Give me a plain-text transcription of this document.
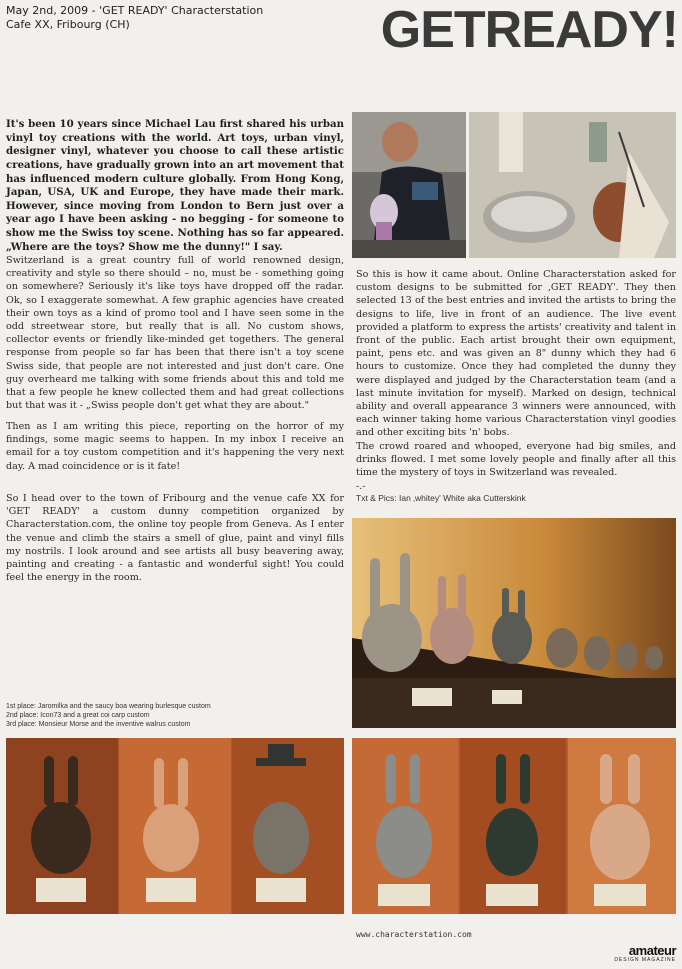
May 2nd, 2009 - 'GET READY' Characterstation
Cafe XX, Fribourg (CH)	GETREADY!

It's been 10 years since Michael Lau first shared his urban vinyl toy creations with the world. Art toys, urban vinyl, designer vinyl, whatever you choose to call these artistic creations, have gradually grown into an art movement that has influenced modern culture globally. From Hong Kong, Japan, USA, UK and Europe, they have made their mark. However, since moving from London to Bern just over a year ago I have been asking - no begging - for someone to show me the Swiss toy scene. Nothing has so far appeared. „Where are the toys? Show me the dunny!" I say.

Switzerland is a great country full of world renowned design, creativity and style so there should – no, must be - something going on somewhere? Seriously it's like toys have dropped off the radar. Ok, so I exaggerate somewhat. A few graphic agencies have created their own toys as a kind of promo tool and I have seen some in the odd streetwear store, but really that is all. No custom shows, collector events or friendly like-minded get togethers. The general response from people so far has been that there isn't a toy scene Swiss side, that people are not interested and just don't care. One guy overheard me talking with some friends about this and told me that a few people he knew collected them and had great collections but that was it - „Swiss people don't get what they are about."

Then as I am writing this piece, reporting on the horror of my findings, some magic seems to happen. In my inbox I receive an email for a toy custom competition and it's happening the very next day. A mad coincidence or is it fate!

So I head over to the town of Fribourg and the venue cafe XX for 'GET READY' a custom dunny competition organized by Characterstation.com, the online toy people from Geneva. As I enter the venue and climb the stairs a smell of glue, paint and vinyl fills my nostrils. I look around and see artists all busy beavering away, painting and creating - a fantastic and wonderful sight! You could feel the energy in the room.

So this is how it came about. Online Characterstation asked for custom designs to be submitted for ‚GET READY'. They then selected 13 of the best entries and invited the artists to bring the designs to life, live in front of an audience. The live event provided a platform to express the artists' creativity and talent in front of the public. Each artist brought their own equipment, paint, pens etc. and was given an 8" dunny which they had 6 hours to customize. Once they had completed the dunny they were displayed and judged by the Characterstation team (and a last minute invitation for myself). Marked on design, technical ability and overall appearance 3 winners were announced, with each winner taking home various Characterstation vinyl goodies and other exciting bits 'n' bobs.

The crowd roared and whooped, everyone had big smiles, and drinks flowed. I met some lovely people and finally after all this time the mystery of toys in Switzerland was revealed.

-.-
Txt & Pics: Ian ‚whitey' White aka Cutterskink
1st place: Jaromilka and the saucy boa wearing burlesque custom
2nd place: Icon73 and a great coi carp custom
3rd place: Monsieur Morse and the inventive walrus custom
www.characterstation.com
amateur
DESIGN MAGAZINE
